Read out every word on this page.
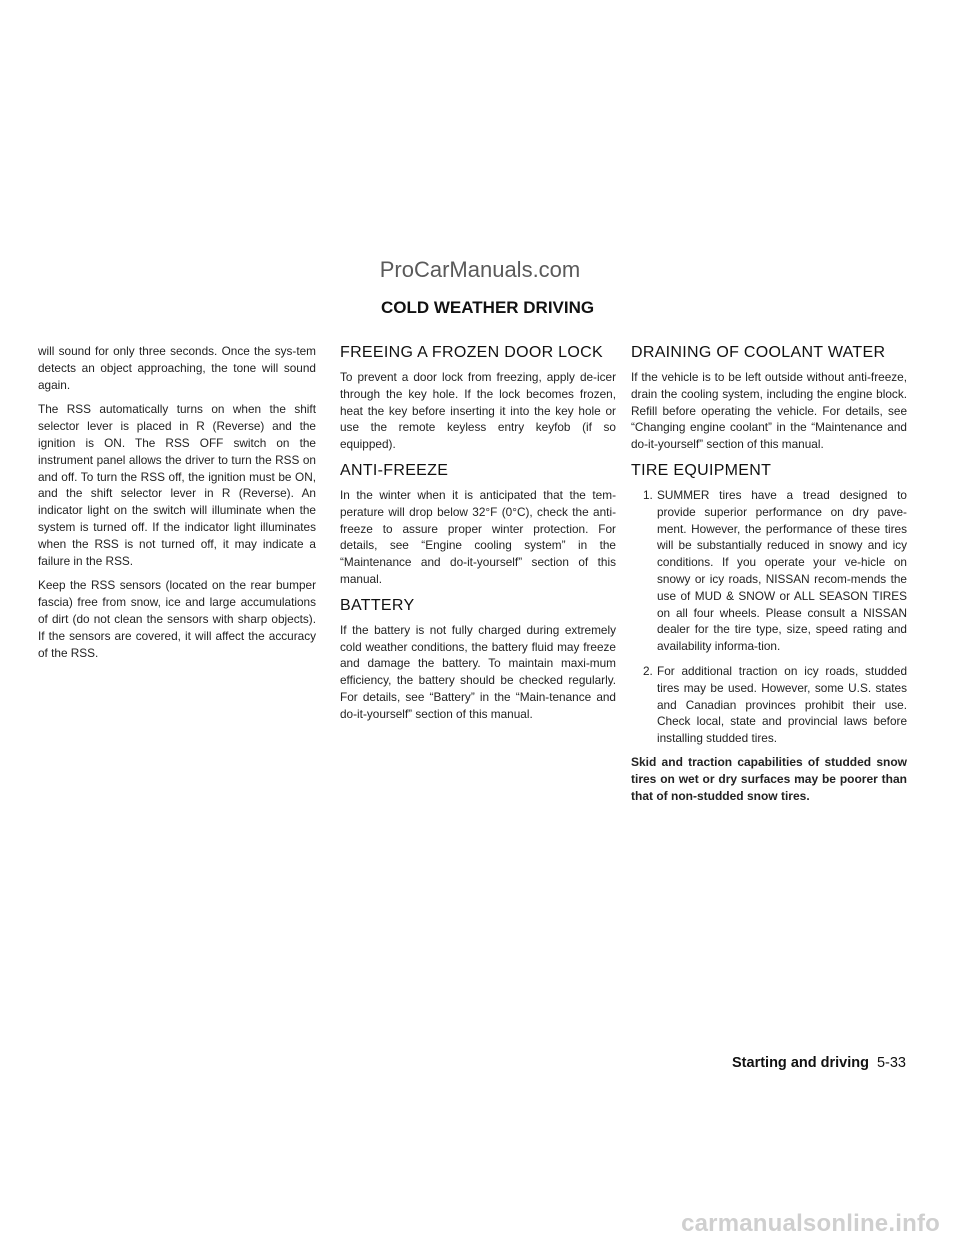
ProCarManuals.com
COLD WEATHER DRIVING

will sound for only three seconds. Once the sys-tem detects an object approaching, the tone will sound again.

The RSS automatically turns on when the shift selector lever is placed in R (Reverse) and the ignition is ON. The RSS OFF switch on the instrument panel allows the driver to turn the RSS on and off. To turn the RSS off, the ignition must be ON, and the shift selector lever in R (Reverse). An indicator light on the switch will illuminate when the system is turned off. If the indicator light illuminates when the RSS is not turned off, it may indicate a failure in the RSS.

Keep the RSS sensors (located on the rear bumper fascia) free from snow, ice and large accumulations of dirt (do not clean the sensors with sharp objects). If the sensors are covered, it will affect the accuracy of the RSS.

FREEING A FROZEN DOOR LOCK

To prevent a door lock from freezing, apply de-icer through the key hole. If the lock becomes frozen, heat the key before inserting it into the key hole or use the remote keyless entry keyfob (if so equipped).

ANTI-FREEZE

In the winter when it is anticipated that the tem-perature will drop below 32°F (0°C), check the anti-freeze to assure proper winter protection. For details, see “Engine cooling system” in the “Maintenance and do-it-yourself” section of this manual.

BATTERY

If the battery is not fully charged during extremely cold weather conditions, the battery fluid may freeze and damage the battery. To maintain maxi-mum efficiency, the battery should be checked regularly. For details, see “Battery” in the “Main-tenance and do-it-yourself” section of this manual.

DRAINING OF COOLANT WATER

If the vehicle is to be left outside without anti-freeze, drain the cooling system, including the engine block. Refill before operating the vehicle. For details, see “Changing engine coolant” in the “Maintenance and do-it-yourself” section of this manual.

TIRE EQUIPMENT
1. SUMMER tires have a tread designed to provide superior performance on dry pave-ment. However, the performance of these tires will be substantially reduced in snowy and icy conditions. If you operate your ve-hicle on snowy or icy roads, NISSAN recom-mends the use of MUD & SNOW or ALL SEASON TIRES on all four wheels. Please consult a NISSAN dealer for the tire type, size, speed rating and availability informa-tion.
2. For additional traction on icy roads, studded tires may be used. However, some U.S. states and Canadian provinces prohibit their use. Check local, state and provincial laws before installing studded tires.

Skid and traction capabilities of studded snow tires on wet or dry surfaces may be poorer than that of non-studded snow tires.

Starting and driving 5-33
carmanualsonline.info
